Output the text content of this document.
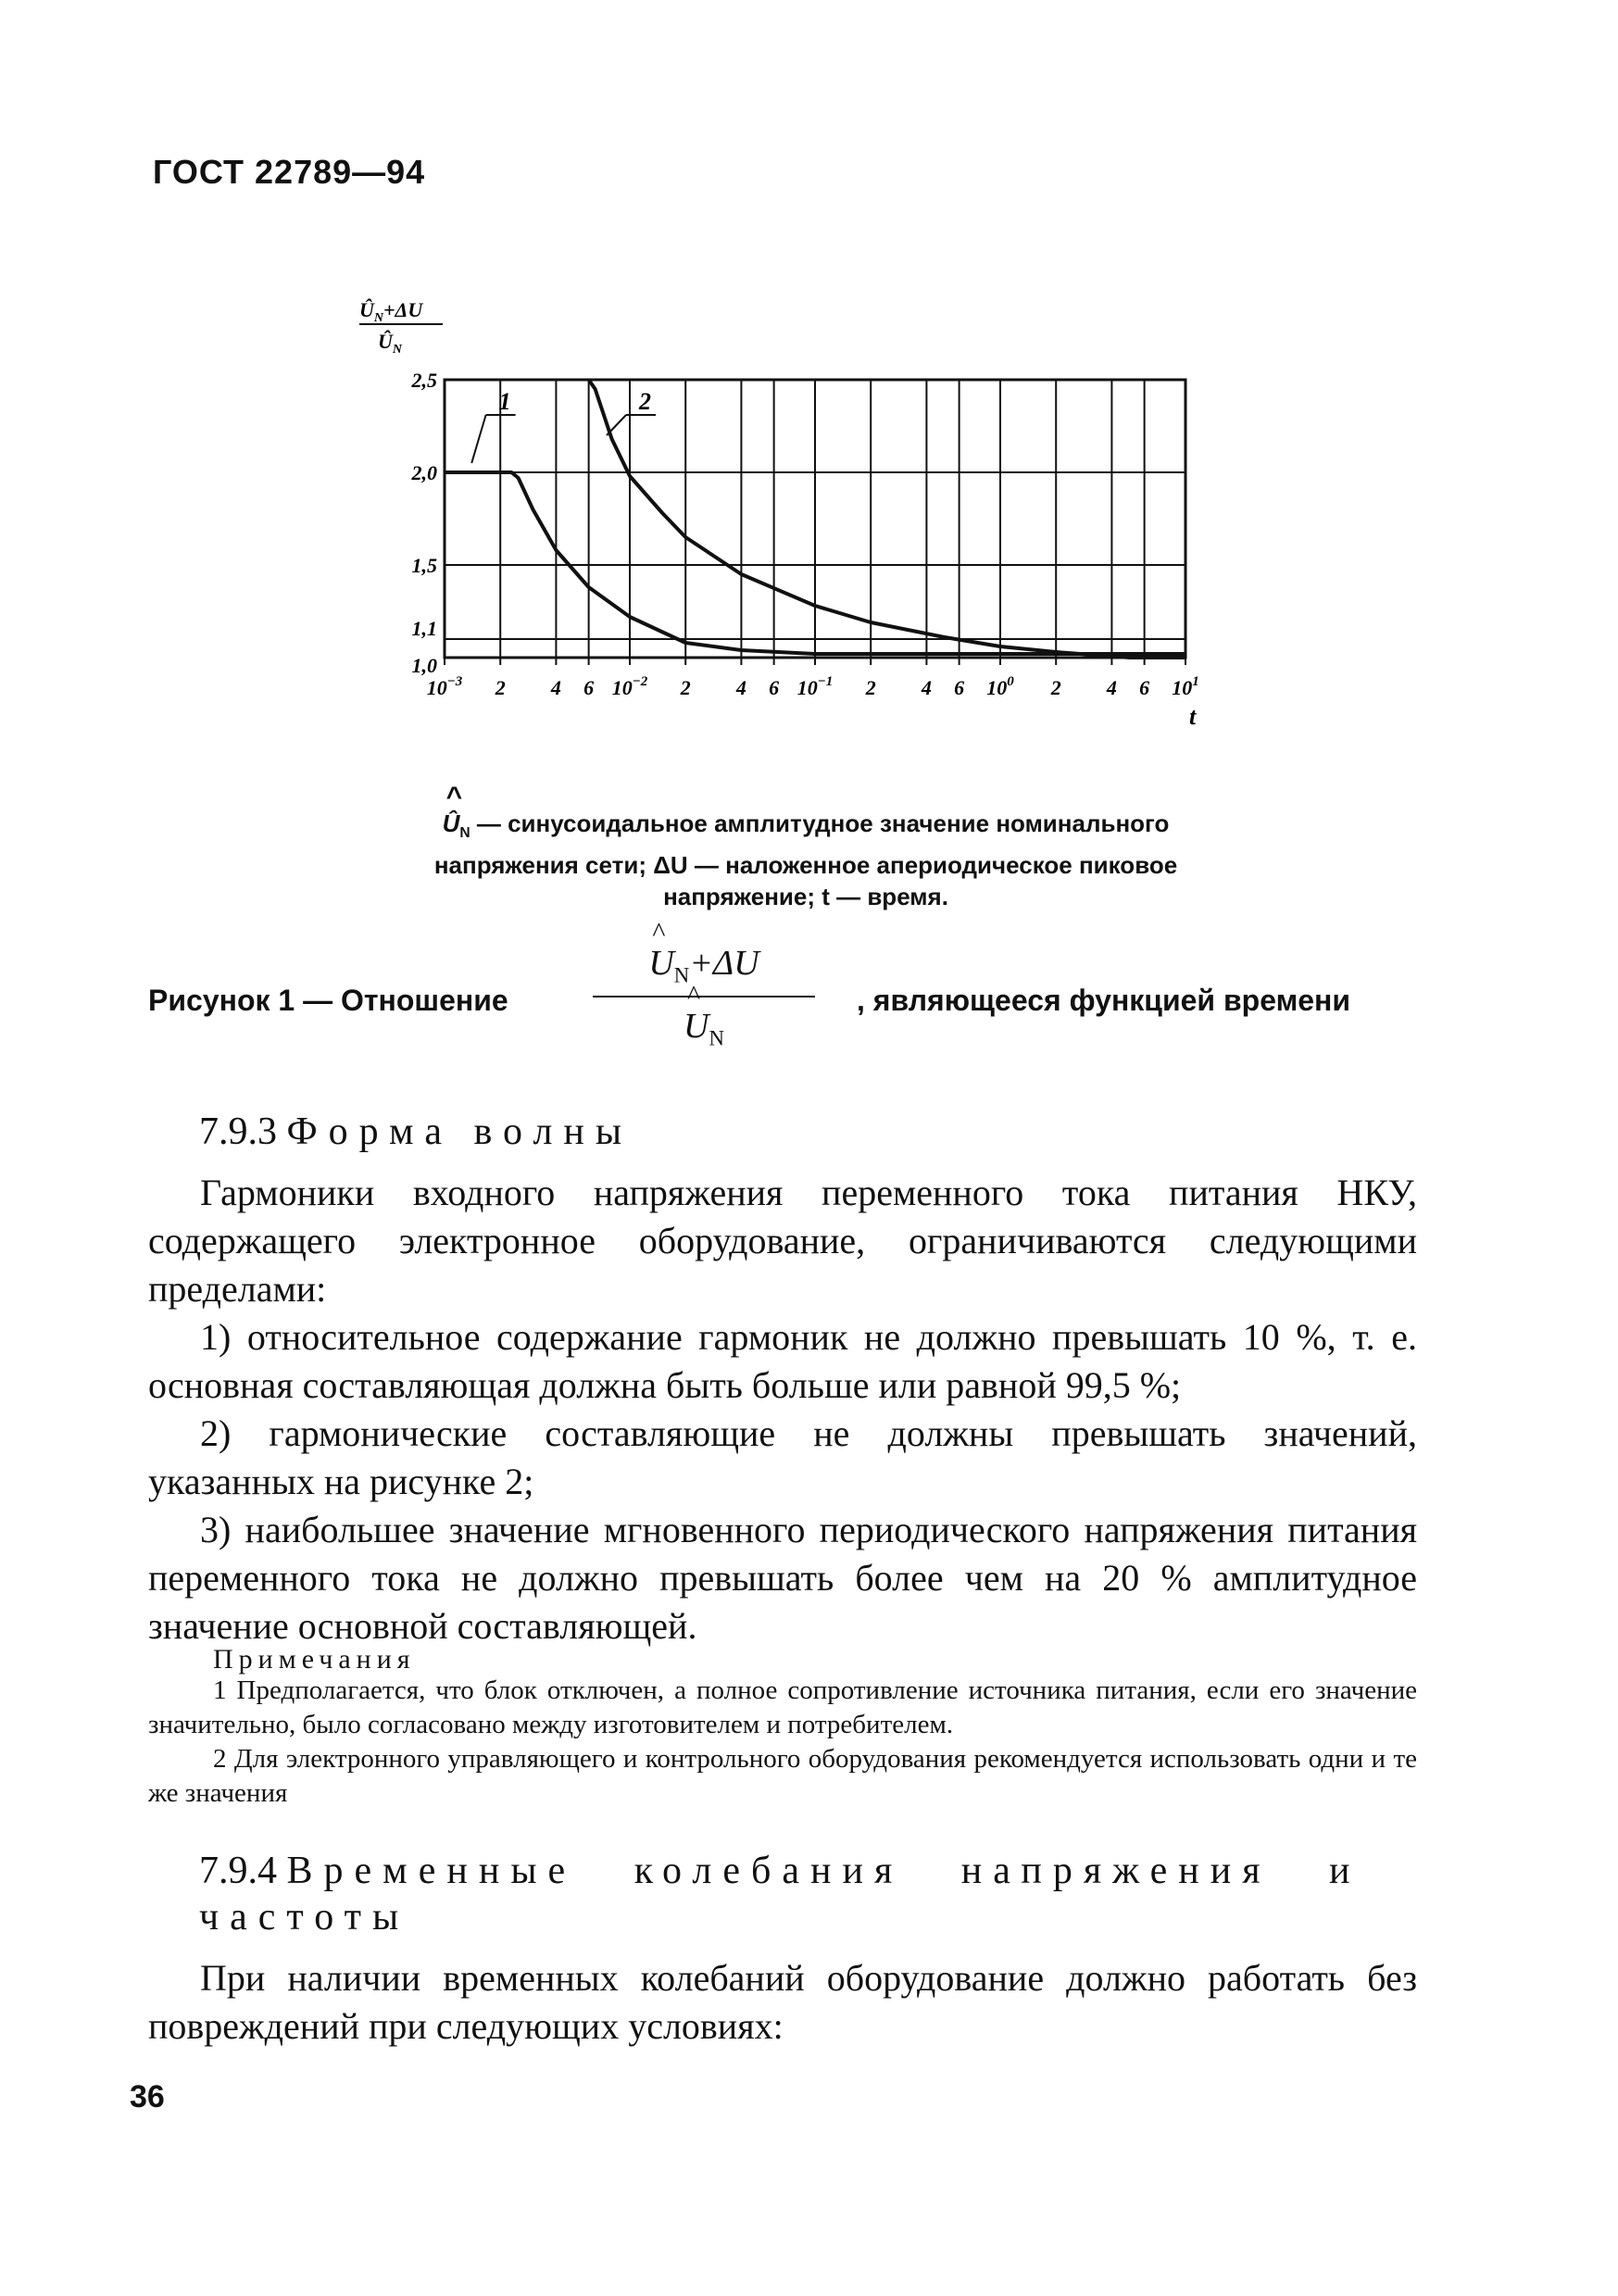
ГОСТ 22789—94
$Û_N+\Delta U$
$Û_N$
1,0
1,1
1,5
2,0
2,5
$10^{-3}$ 2 4 6 $10^{-2}$ 2 4 6 $10^{-1}$ 2 4 6 $10^0$ 2 4 6 $10^1$
1	2
t
^ $Û_N$ — синусоидальное амплитудное значение номинального
напряжения сети; ΔU — наложенное апериодическое пиковое
напряжение; t — время.
Рисунок 1 — Отношение
^ $U_N+\Delta U$
^ $U_N$
, являющееся функцией времени
7.9.3 Форма волны

Гармоники входного напряжения переменного тока питания НКУ, содержащего электронное оборудование, ограничиваются следующими пределами:

1) относительное содержание гармоник не должно превышать 10 %, т. е. основная составляющая должна быть больше или равной 99,5 %;

2) гармонические составляющие не должны превышать значений, указанных на рисунке 2;

3) наибольшее значение мгновенного периодического напряжения питания переменного тока не должно превышать более чем на 20 % амплитудное значение основной составляющей.

Примечания

1 Предполагается, что блок отключен, а полное сопротивление источника питания, если его значение значительно, было согласовано между изготовителем и потребителем.

2 Для электронного управляющего и контрольного оборудования рекомендуется использовать одни и те же значения

7.9.4 Временные колебания напряжения и частоты

При наличии временных колебаний оборудование должно работать без повреждений при следующих условиях:

36
